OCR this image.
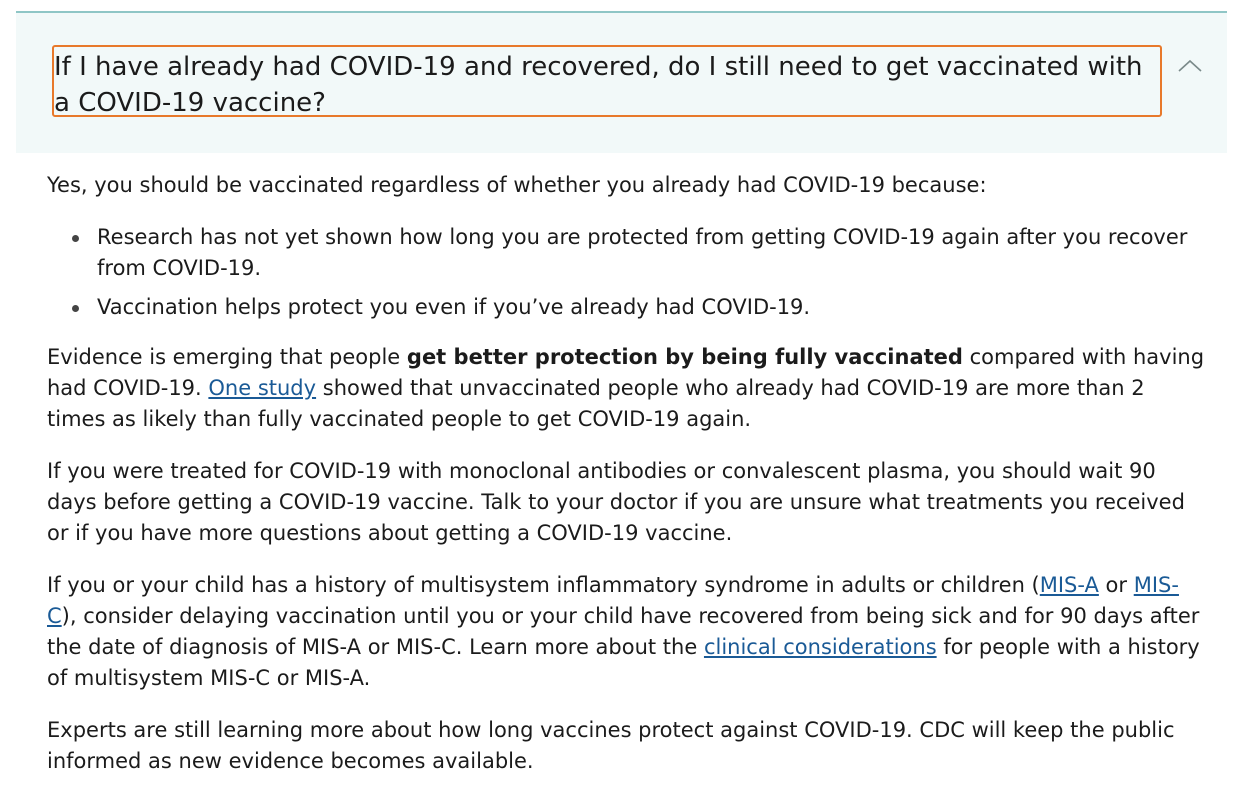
If I have already had COVID-19 and recovered, do I still need to get vaccinated with a COVID-19 vaccine?

Yes, you should be vaccinated regardless of whether you already had COVID-19 because:

Research has not yet shown how long you are protected from getting COVID-19 again after you recover from COVID-19.
Vaccination helps protect you even if you’ve already had COVID-19.

Evidence is emerging that people get better protection by being fully vaccinated compared with having had COVID-19. One study showed that unvaccinated people who already had COVID-19 are more than 2 times as likely than fully vaccinated people to get COVID-19 again.

If you were treated for COVID-19 with monoclonal antibodies or convalescent plasma, you should wait 90 days before getting a COVID-19 vaccine. Talk to your doctor if you are unsure what treatments you received or if you have more questions about getting a COVID-19 vaccine.

If you or your child has a history of multisystem inflammatory syndrome in adults or children (MIS-A or MIS-C), consider delaying vaccination until you or your child have recovered from being sick and for 90 days after the date of diagnosis of MIS-A or MIS-C. Learn more about the clinical considerations for people with a history of multisystem MIS-C or MIS-A.

Experts are still learning more about how long vaccines protect against COVID-19. CDC will keep the public informed as new evidence becomes available.
